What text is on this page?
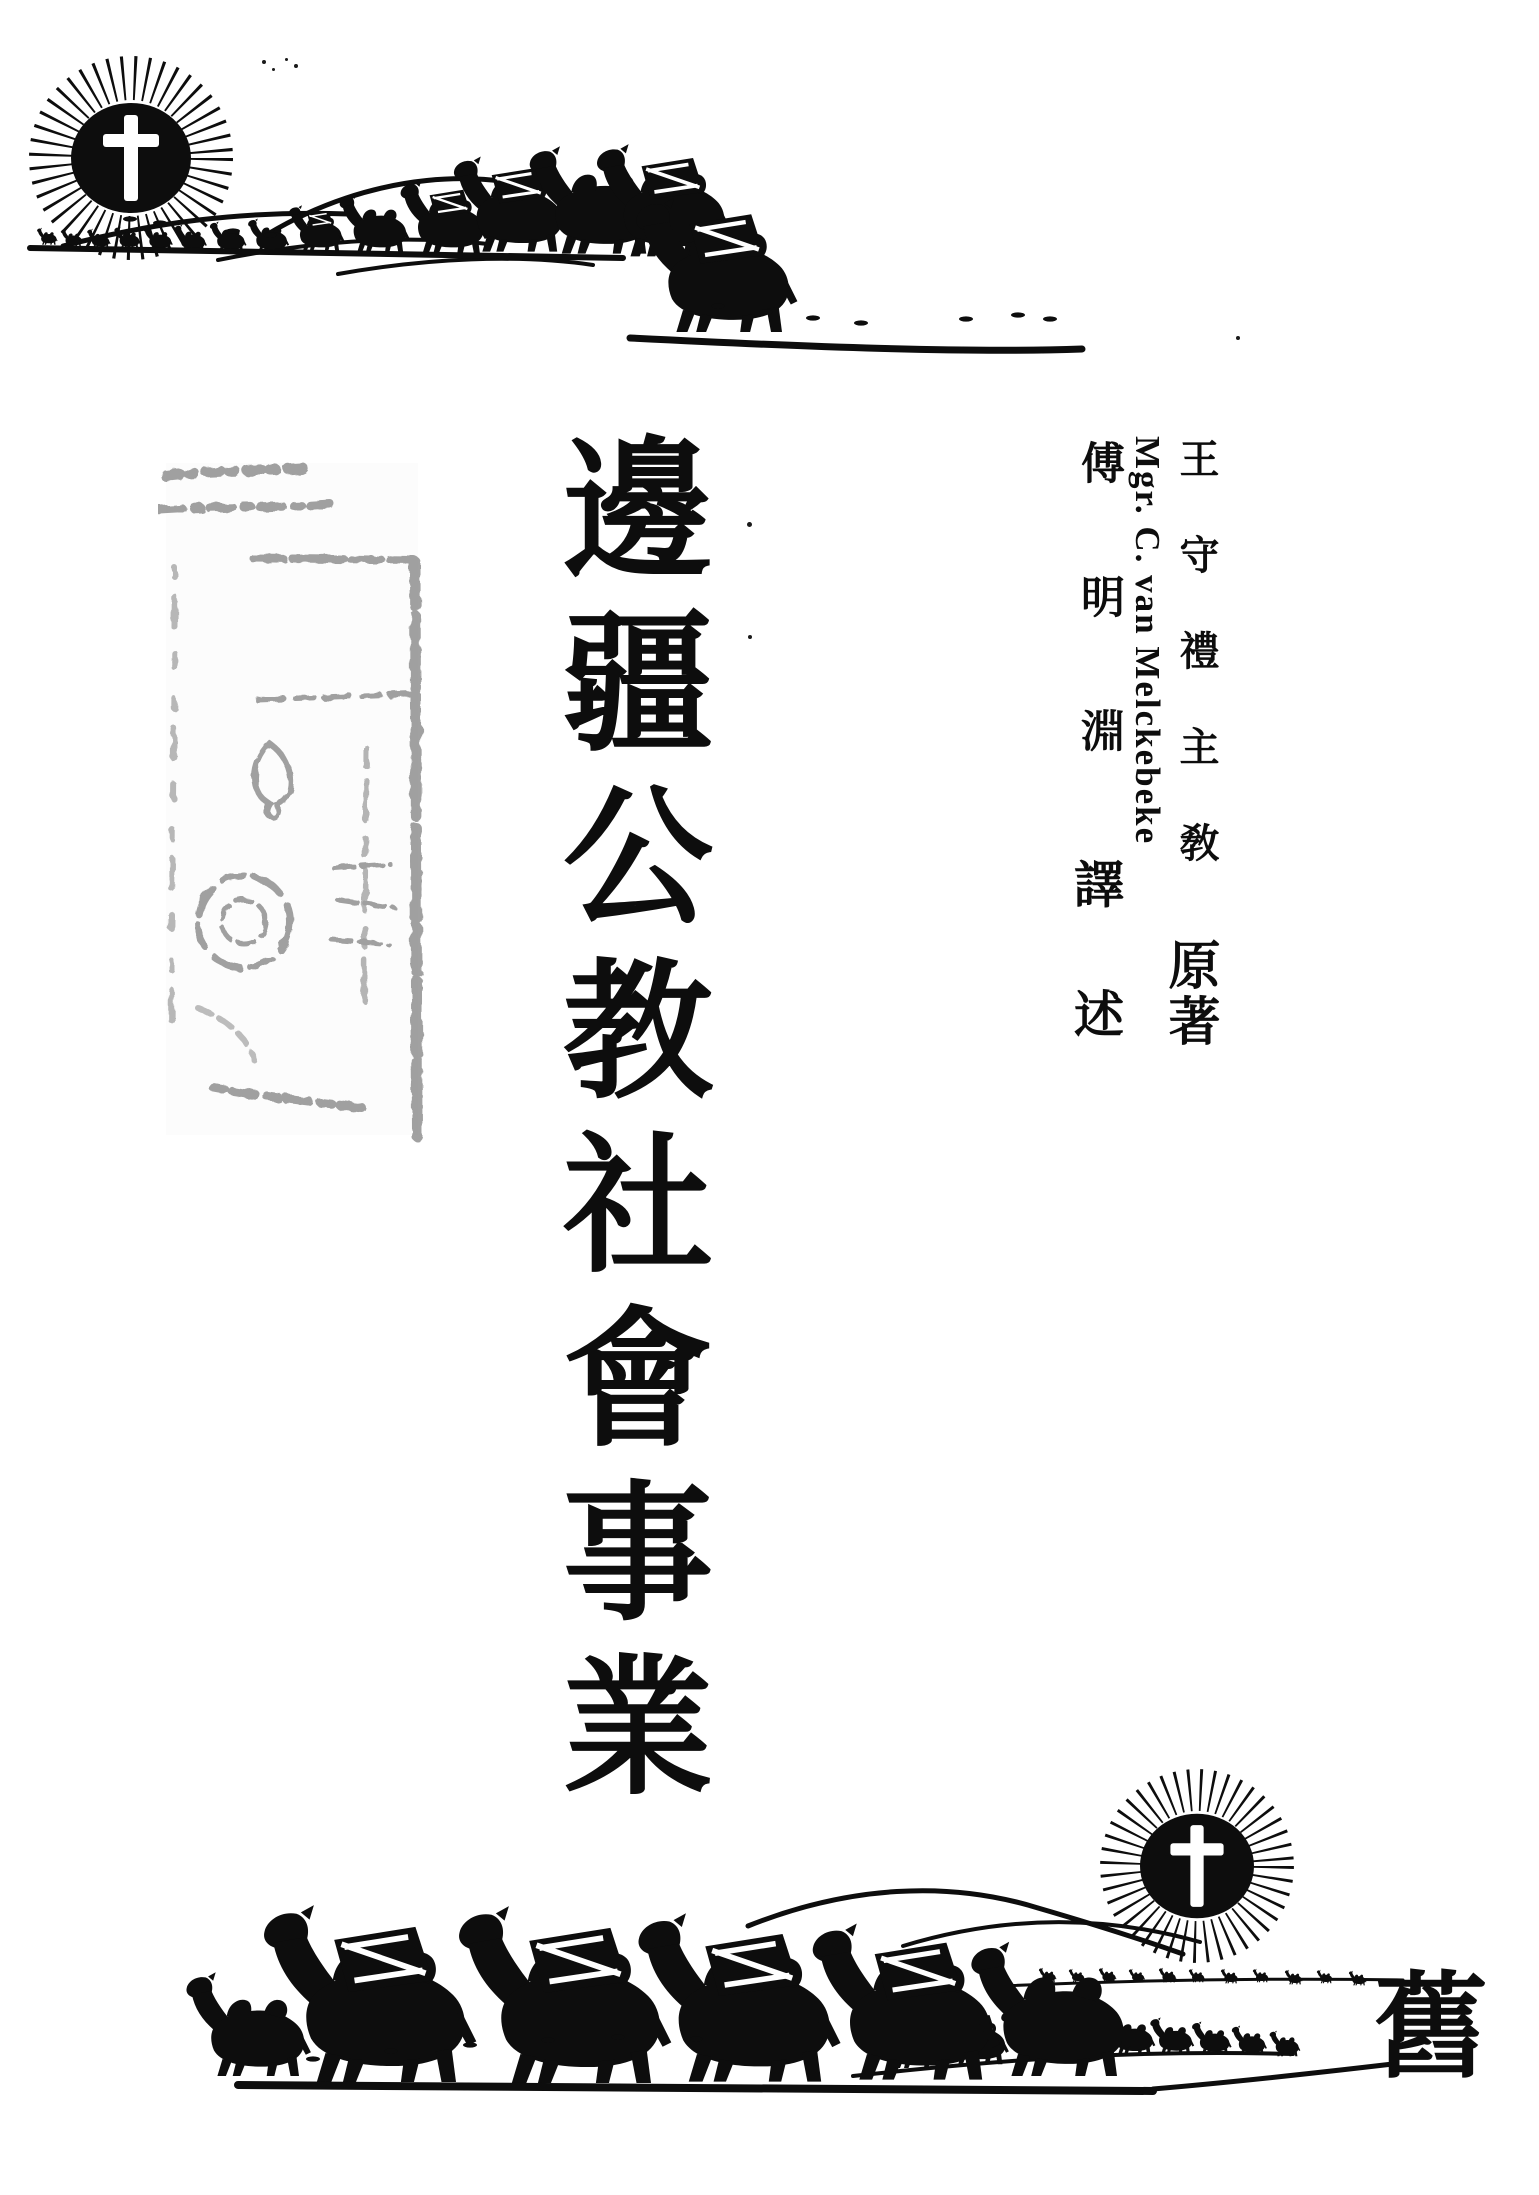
邊疆公教社會事業	王守禮主敎
原著
Mgr. C. van Melckebeke
傅明淵
譯述
舊
